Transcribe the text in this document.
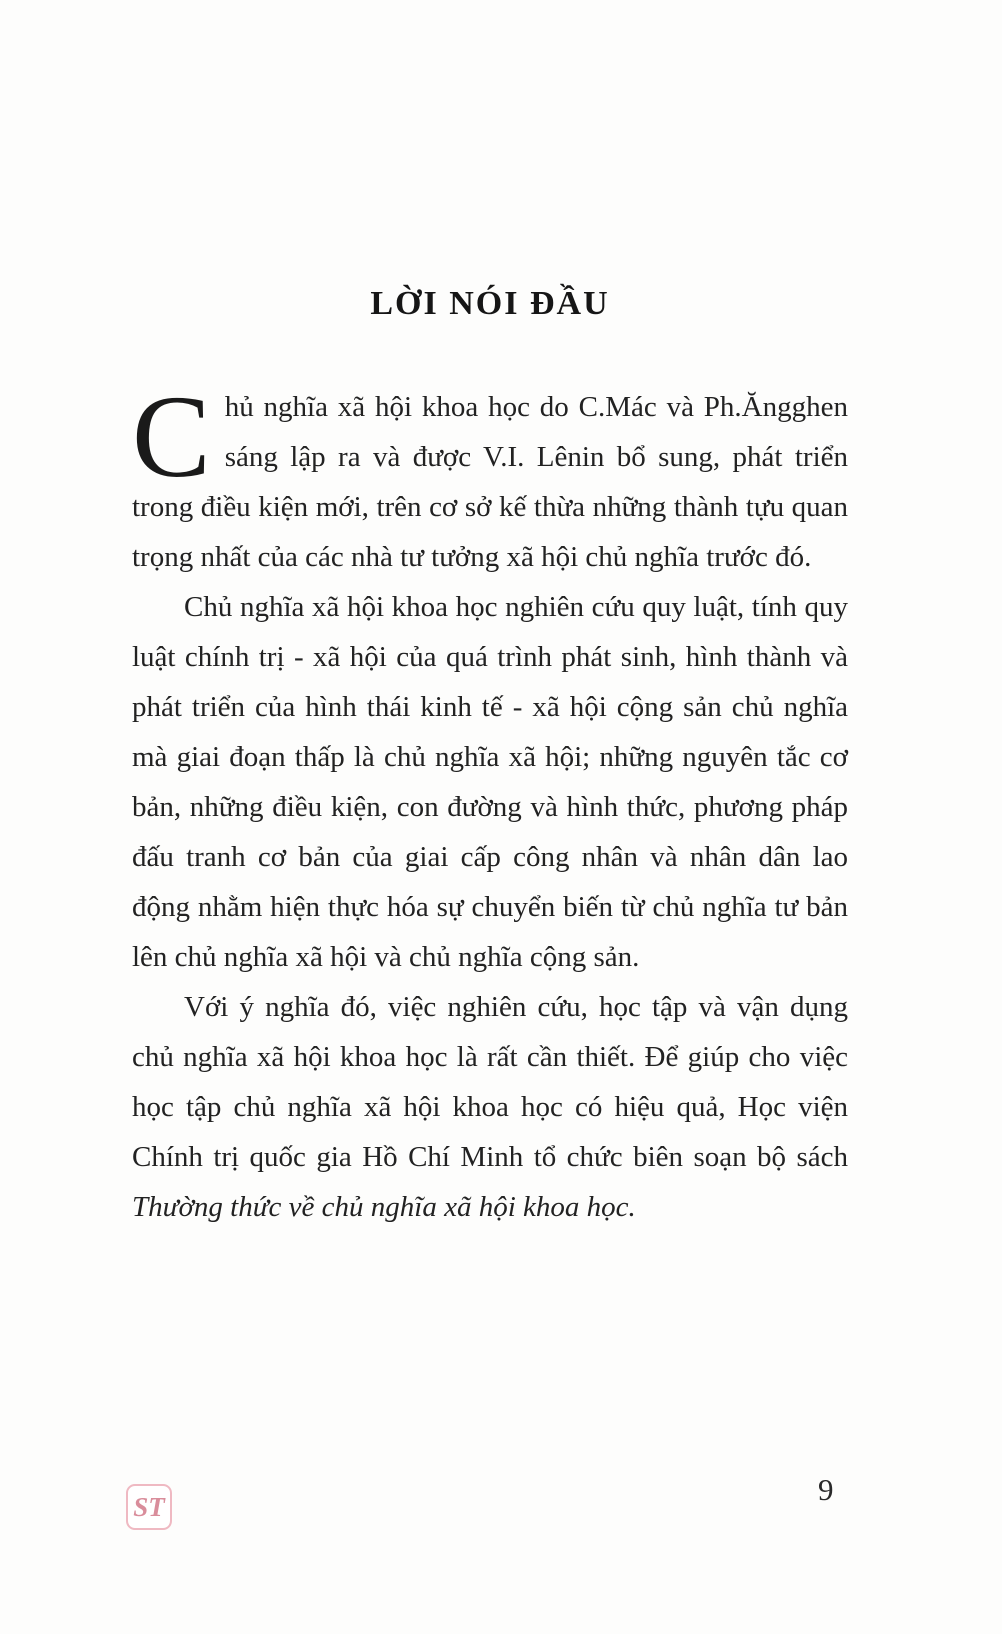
LỜI NÓI ĐẦU

Chủ nghĩa xã hội khoa học do C.Mác và Ph.Ăngghen sáng lập ra và được V.I. Lênin bổ sung, phát triển trong điều kiện mới, trên cơ sở kế thừa những thành tựu quan trọng nhất của các nhà tư tưởng xã hội chủ nghĩa trước đó.

Chủ nghĩa xã hội khoa học nghiên cứu quy luật, tính quy luật chính trị - xã hội của quá trình phát sinh, hình thành và phát triển của hình thái kinh tế - xã hội cộng sản chủ nghĩa mà giai đoạn thấp là chủ nghĩa xã hội; những nguyên tắc cơ bản, những điều kiện, con đường và hình thức, phương pháp đấu tranh cơ bản của giai cấp công nhân và nhân dân lao động nhằm hiện thực hóa sự chuyển biến từ chủ nghĩa tư bản lên chủ nghĩa xã hội và chủ nghĩa cộng sản.

Với ý nghĩa đó, việc nghiên cứu, học tập và vận dụng chủ nghĩa xã hội khoa học là rất cần thiết. Để giúp cho việc học tập chủ nghĩa xã hội khoa học có hiệu quả, Học viện Chính trị quốc gia Hồ Chí Minh tổ chức biên soạn bộ sách Thường thức về chủ nghĩa xã hội khoa học.

ST	9
